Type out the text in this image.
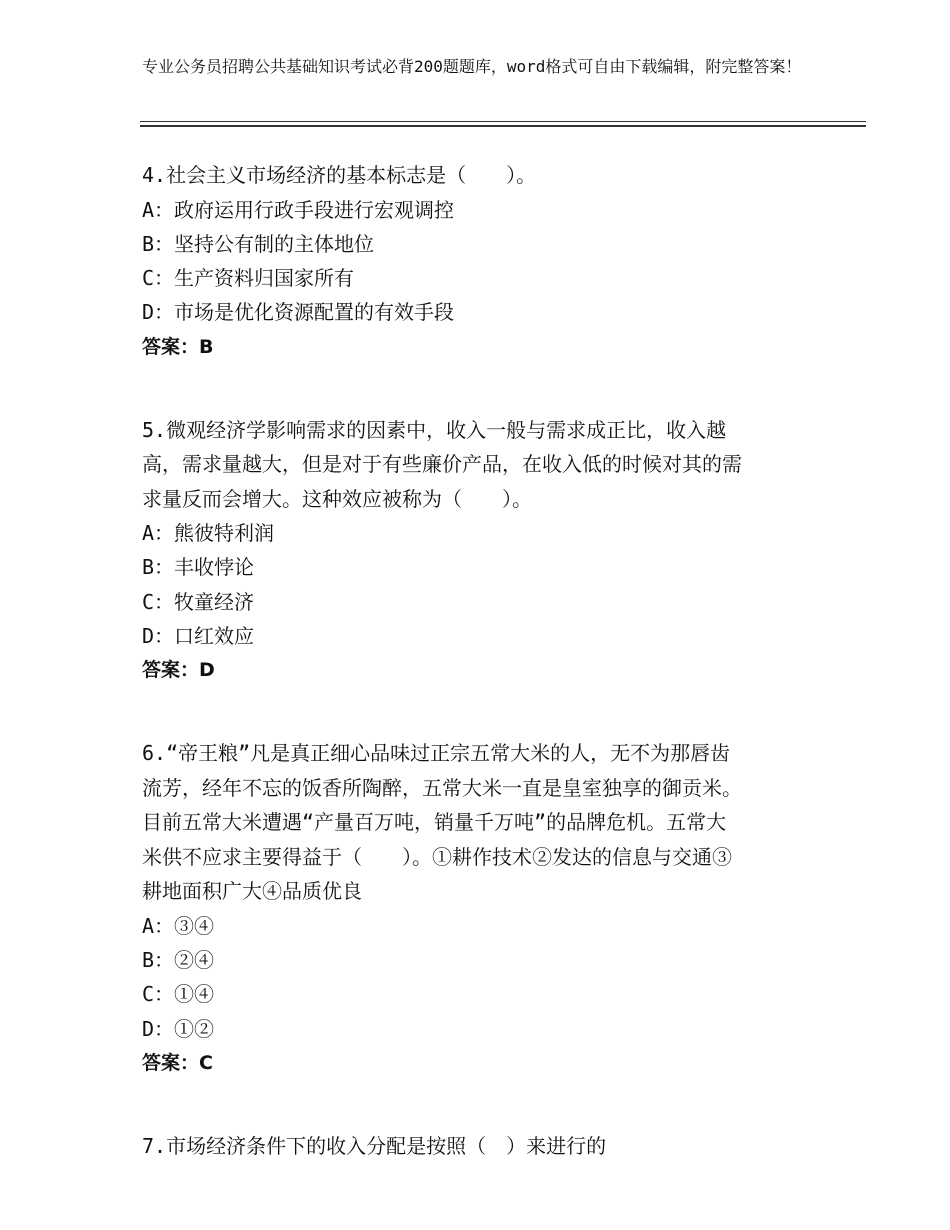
专业公务员招聘公共基础知识考试必背200题题库，word格式可自由下载编辑，附完整答案！

4.社会主义市场经济的基本标志是（　　）。

A：政府运用行政手段进行宏观调控

B：坚持公有制的主体地位

C：生产资料归国家所有

D：市场是优化资源配置的有效手段

答案：B

5.微观经济学影响需求的因素中，收入一般与需求成正比，收入越

高，需求量越大，但是对于有些廉价产品，在收入低的时候对其的需

求量反而会增大。这种效应被称为（　　）。

A：熊彼特利润

B：丰收悖论

C：牧童经济

D：口红效应

答案：D

6.“帝王粮”凡是真正细心品味过正宗五常大米的人，无不为那唇齿

流芳，经年不忘的饭香所陶醉，五常大米一直是皇室独享的御贡米。

目前五常大米遭遇“产量百万吨，销量千万吨”的品牌危机。五常大

米供不应求主要得益于（　　）。①耕作技术②发达的信息与交通③

耕地面积广大④品质优良

A：③④

B：②④

C：①④

D：①②

答案：C

7.市场经济条件下的收入分配是按照（　）来进行的
